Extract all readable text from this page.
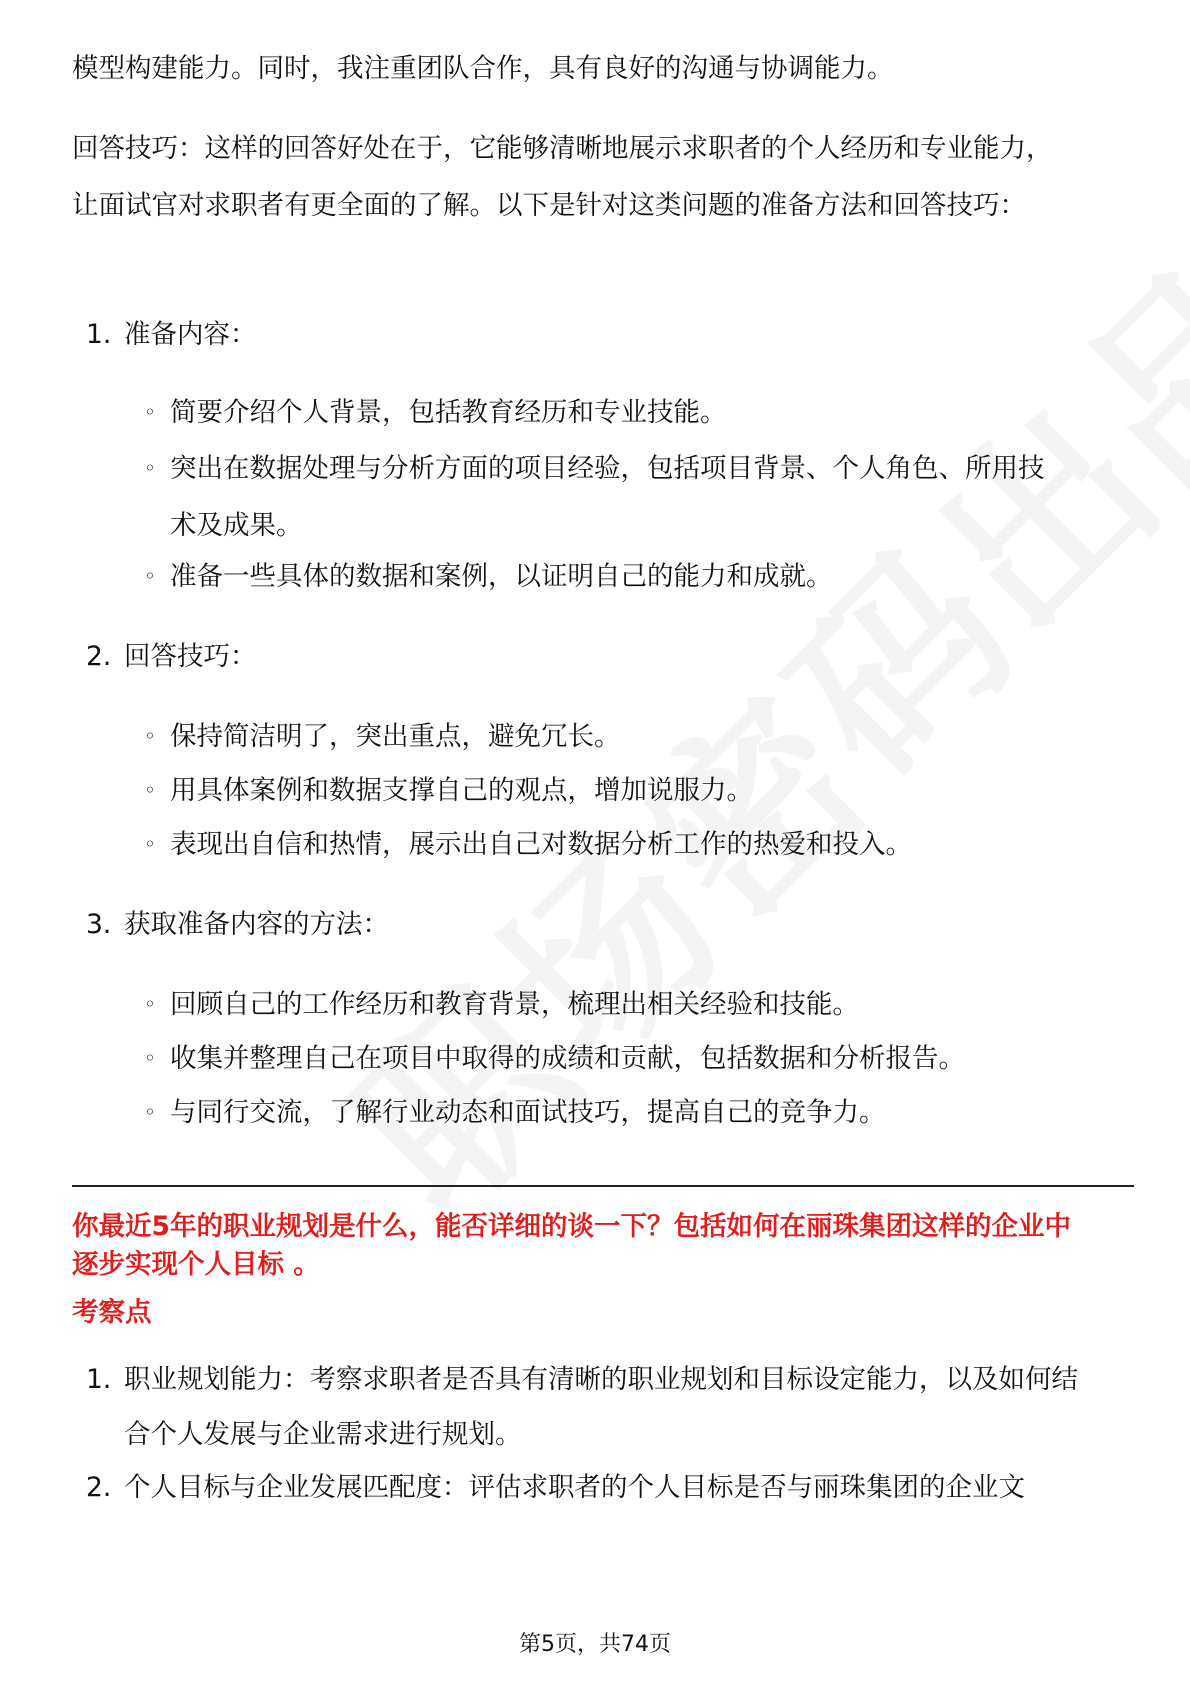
模型构建能力。同时，我注重团队合作，具有良好的沟通与协调能力。

回答技巧：这样的回答好处在于，它能够清晰地展示求职者的个人经历和专业能力，让面试官对求职者有更全面的了解。以下是针对这类问题的准备方法和回答技巧：

1. 准备内容：
◦ 简要介绍个人背景，包括教育经历和专业技能。
◦ 突出在数据处理与分析方面的项目经验，包括项目背景、个人角色、所用技术及成果。
◦ 准备一些具体的数据和案例，以证明自己的能力和成就。
2. 回答技巧：
◦ 保持简洁明了，突出重点，避免冗长。
◦ 用具体案例和数据支撑自己的观点，增加说服力。
◦ 表现出自信和热情，展示出自己对数据分析工作的热爱和投入。
3. 获取准备内容的方法：
◦ 回顾自己的工作经历和教育背景，梳理出相关经验和技能。
◦ 收集并整理自己在项目中取得的成绩和贡献，包括数据和分析报告。
◦ 与同行交流，了解行业动态和面试技巧，提高自己的竞争力。
你最近5年的职业规划是什么，能否详细的谈一下？包括如何在丽珠集团这样的企业中逐步实现个人目标 。
考察点
1. 职业规划能力：考察求职者是否具有清晰的职业规划和目标设定能力，以及如何结合个人发展与企业需求进行规划。
2. 个人目标与企业发展匹配度：评估求职者的个人目标是否与丽珠集团的企业文
第5页，共74页
